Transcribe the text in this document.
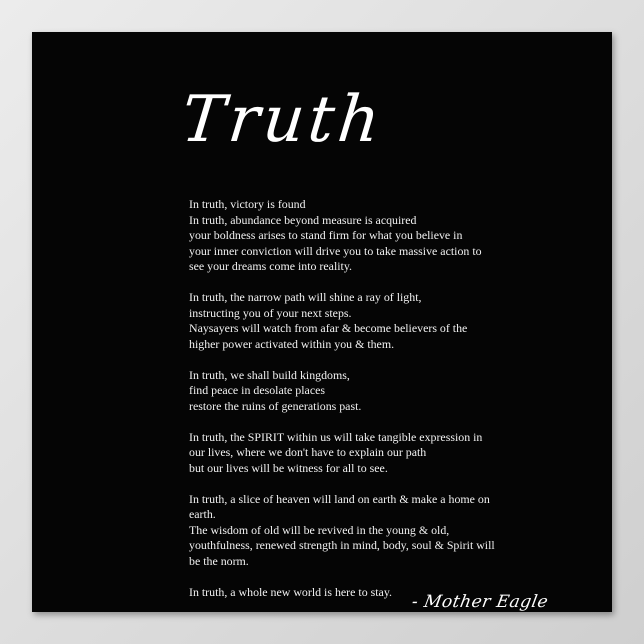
Truth
In truth, victory is found
In truth, abundance beyond measure is acquired
your boldness arises to stand firm for what you believe in
your inner conviction will drive you to take massive action to
see your dreams come into reality.
In truth, the narrow path will shine a ray of light,
instructing you of your next steps.
Naysayers will watch from afar & become believers of the
higher power activated within you & them.
In truth, we shall build kingdoms,
find peace in desolate places
restore the ruins of generations past.
In truth, the SPIRIT within us will take tangible expression in
our lives, where we don't have to explain our path
but our lives will be witness for all to see.
In truth, a slice of heaven will land on earth & make a home on
earth.
The wisdom of old will be revived in the young & old,
youthfulness, renewed strength in mind, body, soul & Spirit will
be the norm.
In truth, a whole new world is here to stay.
- Mother Eagle
